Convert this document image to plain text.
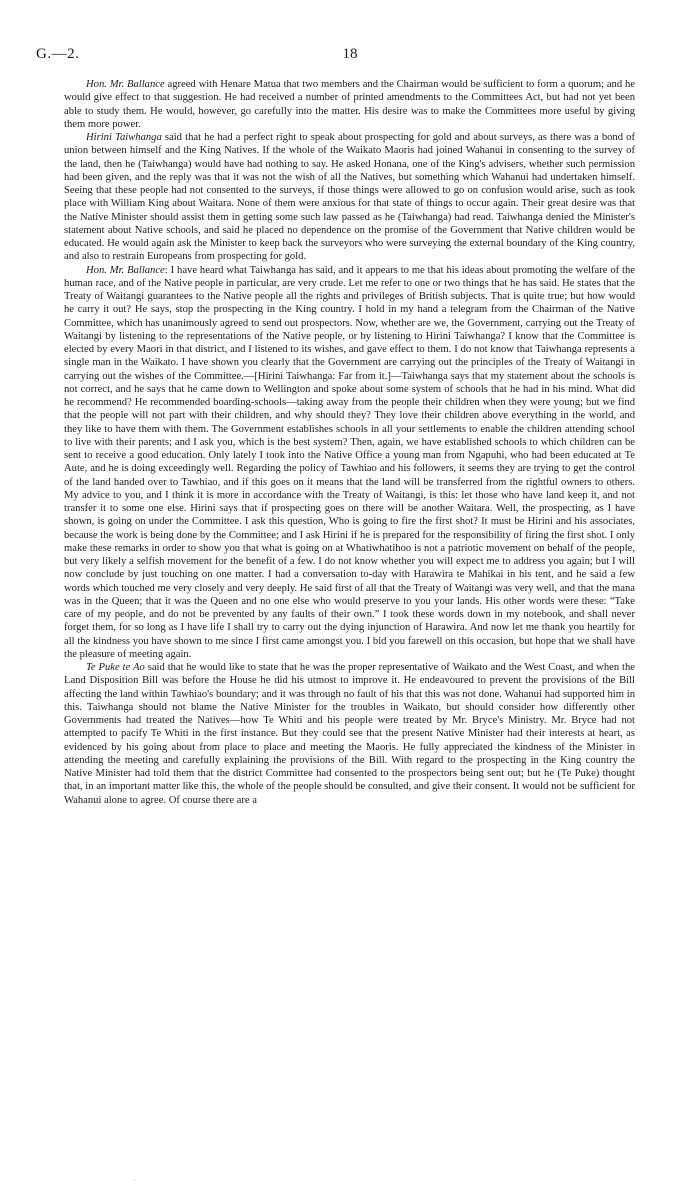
G.—2.	18

Hon. Mr. Ballance agreed with Henare Matua that two members and the Chairman would be sufficient to form a quorum; and he would give effect to that suggestion. He had received a number of printed amendments to the Committees Act, but had not yet been able to study them. He would, however, go carefully into the matter. His desire was to make the Committees more useful by giving them more power.

Hirini Taiwhanga said that he had a perfect right to speak about prospecting for gold and about surveys, as there was a bond of union between himself and the King Natives. If the whole of the Waikato Maoris had joined Wahanui in consenting to the survey of the land, then he (Taiwhanga) would have had nothing to say. He asked Honana, one of the King's advisers, whether such permission had been given, and the reply was that it was not the wish of all the Natives, but something which Wahanui had undertaken himself. Seeing that these people had not consented to the surveys, if those things were allowed to go on confusion would arise, such as took place with William King about Waitara. None of them were anxious for that state of things to occur again. Their great desire was that the Native Minister should assist them in getting some such law passed as he (Taiwhanga) had read. Taiwhanga denied the Minister's statement about Native schools, and said he placed no dependence on the promise of the Government that Native children would be educated. He would again ask the Minister to keep back the surveyors who were surveying the external boundary of the King country, and also to restrain Europeans from prospecting for gold.

Hon. Mr. Ballance: I have heard what Taiwhanga has said, and it appears to me that his ideas about promoting the welfare of the human race, and of the Native people in particular, are very crude. Let me refer to one or two things that he has said. He states that the Treaty of Waitangi guarantees to the Native people all the rights and privileges of British subjects. That is quite true; but how would he carry it out? He says, stop the prospecting in the King country. I hold in my hand a telegram from the Chairman of the Native Committee, which has unanimously agreed to send out prospectors. Now, whether are we, the Government, carrying out the Treaty of Waitangi by listening to the representations of the Native people, or by listening to Hirini Taiwhanga? I know that the Committee is elected by every Maori in that district, and I listened to its wishes, and gave effect to them. I do not know that Taiwhanga represents a single man in the Waikato. I have shown you clearly that the Government are carrying out the principles of the Treaty of Waitangi in carrying out the wishes of the Committee.—[Hirini Taiwhanga: Far from it.]—Taiwhanga says that my statement about the schools is not correct, and he says that he came down to Wellington and spoke about some system of schools that he had in his mind. What did he recommend? He recommended boarding-schools—taking away from the people their children when they were young; but we find that the people will not part with their children, and why should they? They love their children above everything in the world, and they like to have them with them. The Government establishes schools in all your settlements to enable the children attending school to live with their parents; and I ask you, which is the best system? Then, again, we have established schools to which children can be sent to receive a good education. Only lately I took into the Native Office a young man from Ngapuhi, who had been educated at Te Aute, and he is doing exceedingly well. Regarding the policy of Tawhiao and his followers, it seems they are trying to get the control of the land handed over to Tawhiao, and if this goes on it means that the land will be transferred from the rightful owners to others. My advice to you, and I think it is more in accordance with the Treaty of Waitangi, is this: let those who have land keep it, and not transfer it to some one else. Hirini says that if prospecting goes on there will be another Waitara. Well, the prospecting, as I have shown, is going on under the Committee. I ask this question, Who is going to fire the first shot? It must be Hirini and his associates, because the work is being done by the Committee; and I ask Hirini if he is prepared for the responsibility of firing the first shot. I only make these remarks in order to show you that what is going on at Whatiwhatihoo is not a patriotic movement on behalf of the people, but very likely a selfish movement for the benefit of a few. I do not know whether you will expect me to address you again; but I will now conclude by just touching on one matter. I had a conversation to-day with Harawira te Mahikai in his tent, and he said a few words which touched me very closely and very deeply. He said first of all that the Treaty of Waitangi was very well, and that the mana was in the Queen; that it was the Queen and no one else who would preserve to you your lands. His other words were these: “Take care of my people, and do not be prevented by any faults of their own.” I took these words down in my notebook, and shall never forget them, for so long as I have life I shall try to carry out the dying injunction of Harawira. And now let me thank you heartily for all the kindness you have shown to me since I first came amongst you. I bid you farewell on this occasion, but hope that we shall have the pleasure of meeting again.

Te Puke te Ao said that he would like to state that he was the proper representative of Waikato and the West Coast, and when the Land Disposition Bill was before the House he did his utmost to improve it. He endeavoured to prevent the provisions of the Bill affecting the land within Tawhiao's boundary; and it was through no fault of his that this was not done. Wahanui had supported him in this. Taiwhanga should not blame the Native Minister for the troubles in Waikato, but should consider how differently other Governments had treated the Natives—how Te Whiti and his people were treated by Mr. Bryce's Ministry. Mr. Bryce had not attempted to pacify Te Whiti in the first instance. But they could see that the present Native Minister had their interests at heart, as evidenced by his going about from place to place and meeting the Maoris. He fully appreciated the kindness of the Minister in attending the meeting and carefully explaining the provisions of the Bill. With regard to the prospecting in the King country the Native Minister had told them that the district Committee had consented to the prospectors being sent out; but he (Te Puke) thought that, in an important matter like this, the whole of the people should be consulted, and give their consent. It would not be sufficient for Wahanui alone to agree. Of course there are a

·
